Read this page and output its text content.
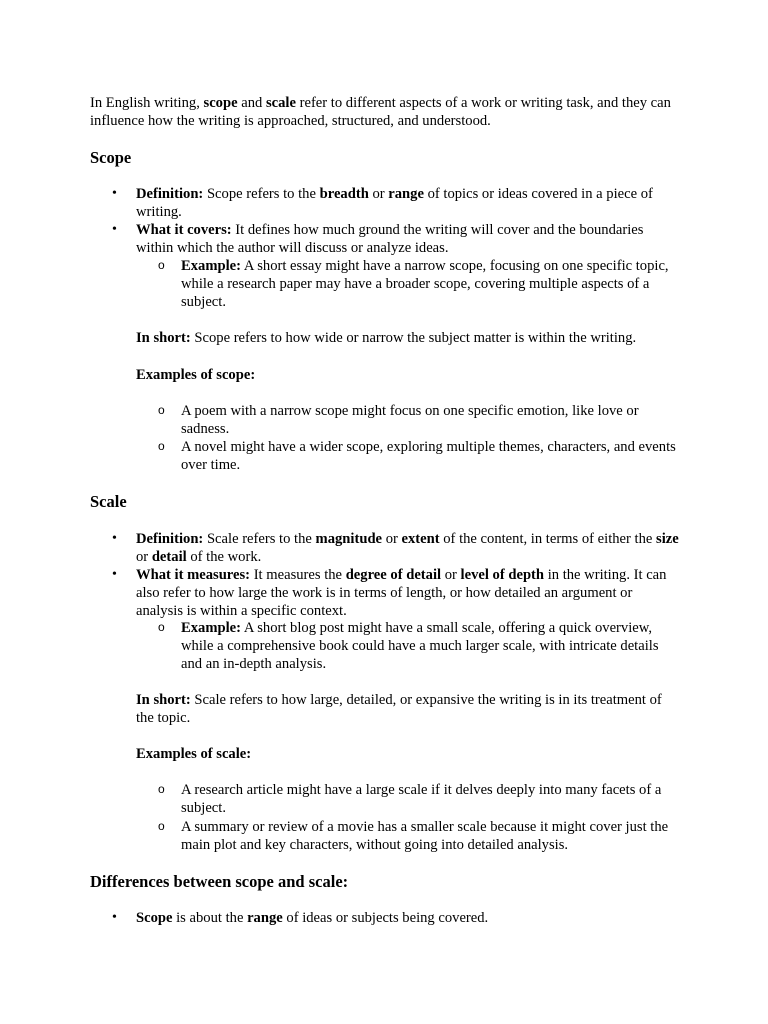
In English writing, scope and scale refer to different aspects of a work or writing task, and they can influence how the writing is approached, structured, and understood.

Scope
• Definition: Scope refers to the breadth or range of topics or ideas covered in a piece of writing.
• What it covers: It defines how much ground the writing will cover and the boundaries within which the author will discuss or analyze ideas.
o Example: A short essay might have a narrow scope, focusing on one specific topic, while a research paper may have a broader scope, covering multiple aspects of a subject.
In short: Scope refers to how wide or narrow the subject matter is within the writing.
Examples of scope:
o A poem with a narrow scope might focus on one specific emotion, like love or sadness.
o A novel might have a wider scope, exploring multiple themes, characters, and events over time.
Scale
• Definition: Scale refers to the magnitude or extent of the content, in terms of either the size or detail of the work.
• What it measures: It measures the degree of detail or level of depth in the writing. It can also refer to how large the work is in terms of length, or how detailed an argument or analysis is within a specific context.
o Example: A short blog post might have a small scale, offering a quick overview, while a comprehensive book could have a much larger scale, with intricate details and an in-depth analysis.
In short: Scale refers to how large, detailed, or expansive the writing is in its treatment of the topic.
Examples of scale:
o A research article might have a large scale if it delves deeply into many facets of a subject.
o A summary or review of a movie has a smaller scale because it might cover just the main plot and key characters, without going into detailed analysis.
Differences between scope and scale:
• Scope is about the range of ideas or subjects being covered.
